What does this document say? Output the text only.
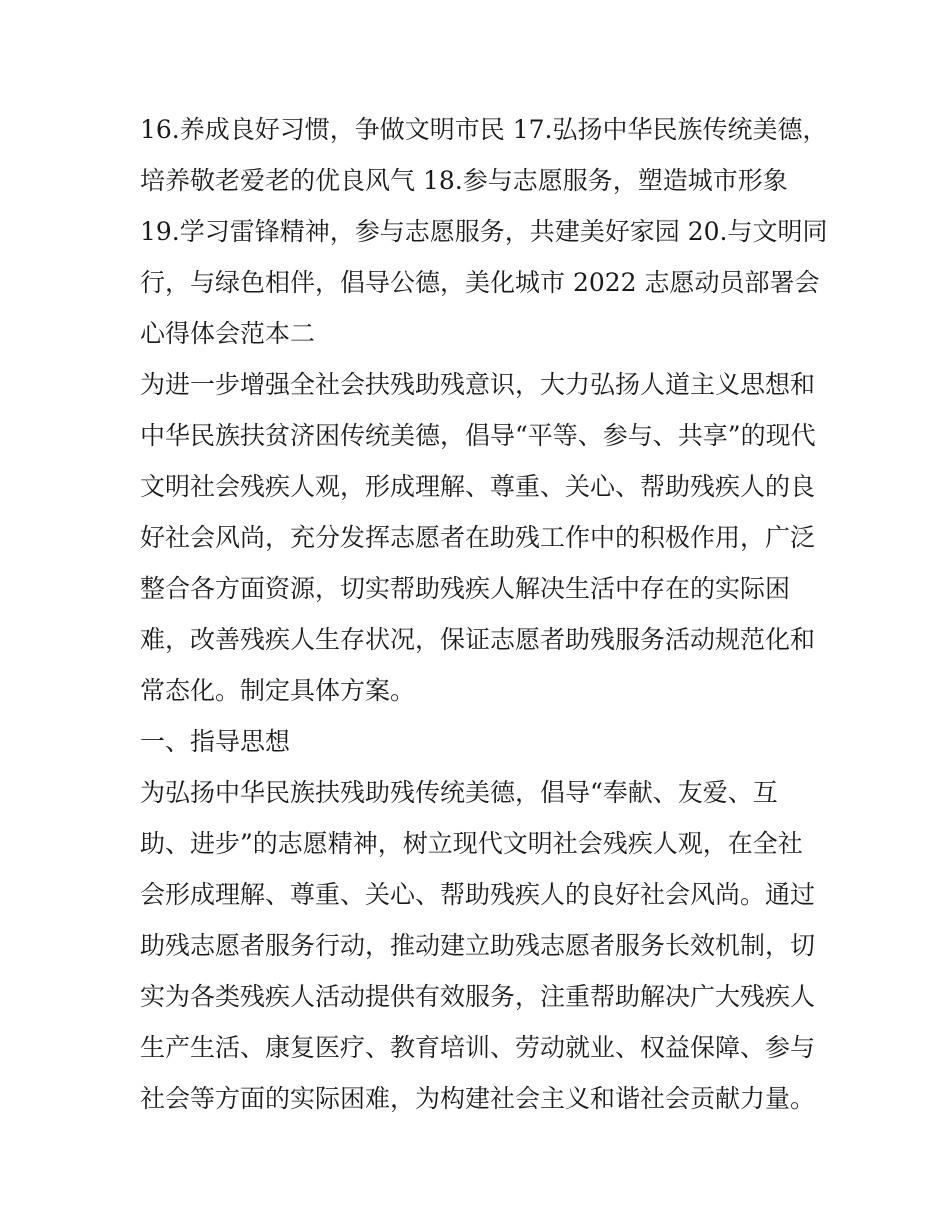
16.养成良好习惯，争做文明市民 17.弘扬中华民族传统美德，
培养敬老爱老的优良风气 18.参与志愿服务，塑造城市形象
19.学习雷锋精神，参与志愿服务，共建美好家园 20.与文明同
行，与绿色相伴，倡导公德，美化城市 2022 志愿动员部署会
心得体会范本二
为进一步增强全社会扶残助残意识，大力弘扬人道主义思想和
中华民族扶贫济困传统美德，倡导“平等、参与、共享”的现代
文明社会残疾人观，形成理解、尊重、关心、帮助残疾人的良
好社会风尚，充分发挥志愿者在助残工作中的积极作用，广泛
整合各方面资源，切实帮助残疾人解决生活中存在的实际困
难，改善残疾人生存状况，保证志愿者助残服务活动规范化和
常态化。制定具体方案。
一、指导思想
为弘扬中华民族扶残助残传统美德，倡导“奉献、友爱、互
助、进步”的志愿精神，树立现代文明社会残疾人观，在全社
会形成理解、尊重、关心、帮助残疾人的良好社会风尚。通过
助残志愿者服务行动，推动建立助残志愿者服务长效机制，切
实为各类残疾人活动提供有效服务，注重帮助解决广大残疾人
生产生活、康复医疗、教育培训、劳动就业、权益保障、参与
社会等方面的实际困难，为构建社会主义和谐社会贡献力量。
